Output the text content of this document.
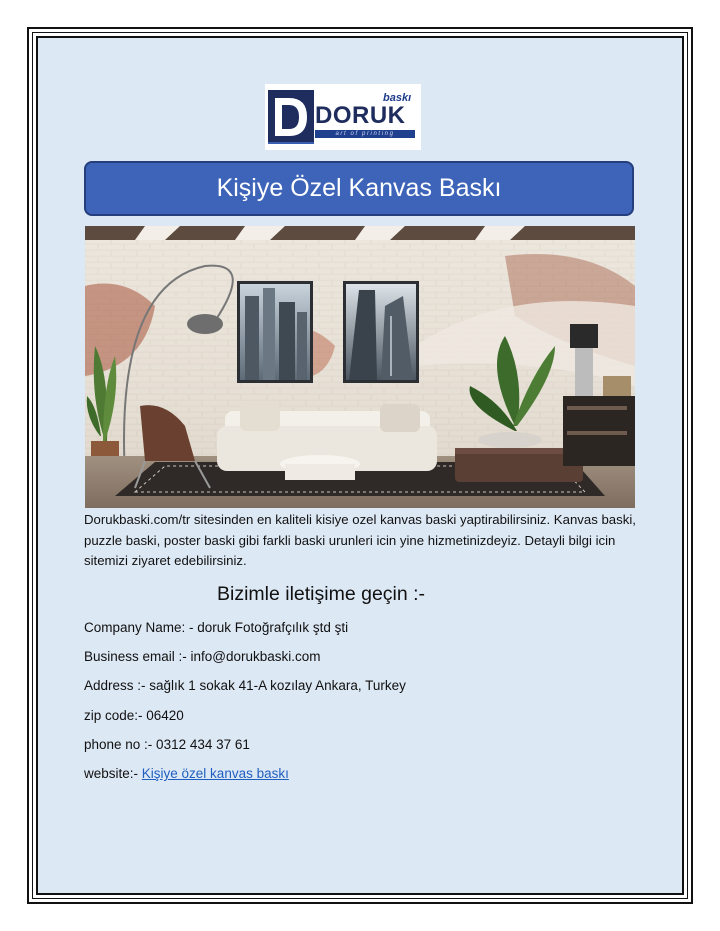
baskı
DORUK
art of printing
Kişiye Özel Kanvas Baskı

Dorukbaski.com/tr sitesinden en kaliteli kisiye ozel kanvas baski yaptirabilirsiniz. Kanvas baski, puzzle baski, poster baski gibi farkli baski urunleri icin yine hizmetinizdeyiz. Detayli bilgi icin sitemizi ziyaret edebilirsiniz.

Bizimle iletişime geçin :-

Company Name: - doruk Fotoğrafçılık ştd şti

Business email :- info@dorukbaski.com

Address :- sağlık 1 sokak 41-A kozılay Ankara, Turkey

zip code:- 06420

phone no :- 0312 434 37 61

website:- Kişiye özel kanvas baskı
